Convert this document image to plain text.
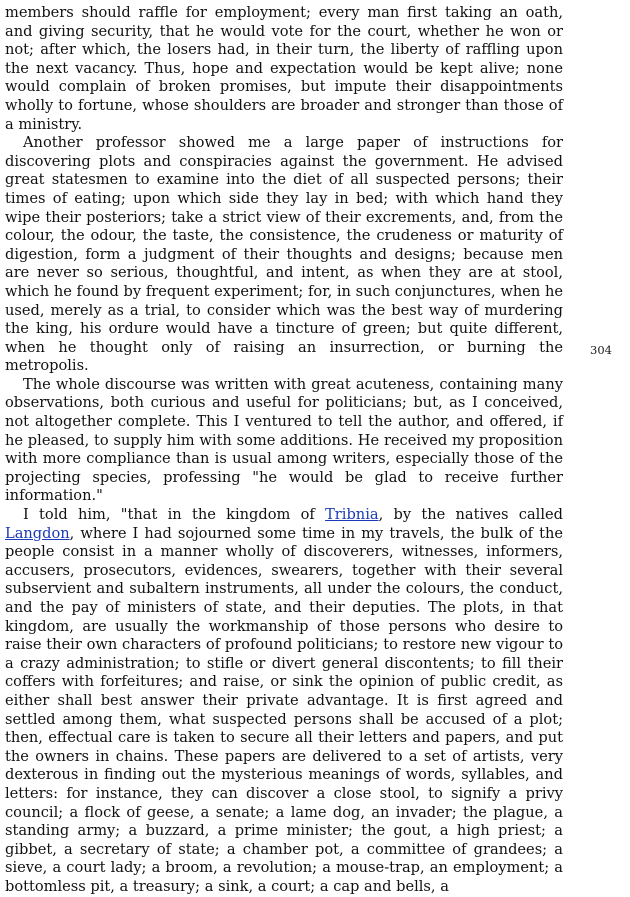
members should raffle for employment; every man first taking an oath, and giving security, that he would vote for the court, whether he won or not; after which, the losers had, in their turn, the liberty of raffling upon the next vacancy. Thus, hope and expectation would be kept alive; none would complain of broken promises, but impute their disappointments wholly to fortune, whose shoulders are broader and stronger than those of a ministry.

Another professor showed me a large paper of instructions for discovering plots and conspiracies against the government. He advised great statesmen to examine into the diet of all suspected persons; their times of eating; upon which side they lay in bed; with which hand they wipe their posteriors; take a strict view of their excrements, and, from the colour, the odour, the taste, the consistence, the crudeness or maturity of digestion, form a judgment of their thoughts and designs; because men are never so serious, thoughtful, and intent, as when they are at stool, which he found by frequent experiment; for, in such conjunctures, when he used, merely as a trial, to consider which was the best way of murdering the king, his ordure would have a tincture of green; but quite different, when he thought only of raising an insurrection, or burning the metropolis.

The whole discourse was written with great acuteness, containing many observations, both curious and useful for politicians; but, as I conceived, not altogether complete. This I ventured to tell the author, and offered, if he pleased, to supply him with some additions. He received my proposition with more compliance than is usual among writers, especially those of the projecting species, professing "he would be glad to receive further information."

I told him, "that in the kingdom of Tribnia, by the natives called Langdon, where I had sojourned some time in my travels, the bulk of the people consist in a manner wholly of discoverers, witnesses, informers, accusers, prosecutors, evidences, swearers, together with their several subservient and subaltern instruments, all under the colours, the conduct, and the pay of ministers of state, and their deputies. The plots, in that kingdom, are usually the workmanship of those persons who desire to raise their own characters of profound politicians; to restore new vigour to a crazy administration; to stifle or divert general discontents; to fill their coffers with forfeitures; and raise, or sink the opinion of public credit, as either shall best answer their private advantage. It is first agreed and settled among them, what suspected persons shall be accused of a plot; then, effectual care is taken to secure all their letters and papers, and put the owners in chains. These papers are delivered to a set of artists, very dexterous in finding out the mysterious meanings of words, syllables, and letters: for instance, they can discover a close stool, to signify a privy council; a flock of geese, a senate; a lame dog, an invader; the plague, a standing army; a buzzard, a prime minister; the gout, a high priest; a gibbet, a secretary of state; a chamber pot, a committee of grandees; a sieve, a court lady; a broom, a revolution; a mouse-trap, an employment; a bottomless pit, a treasury; a sink, a court; a cap and bells, a

304
